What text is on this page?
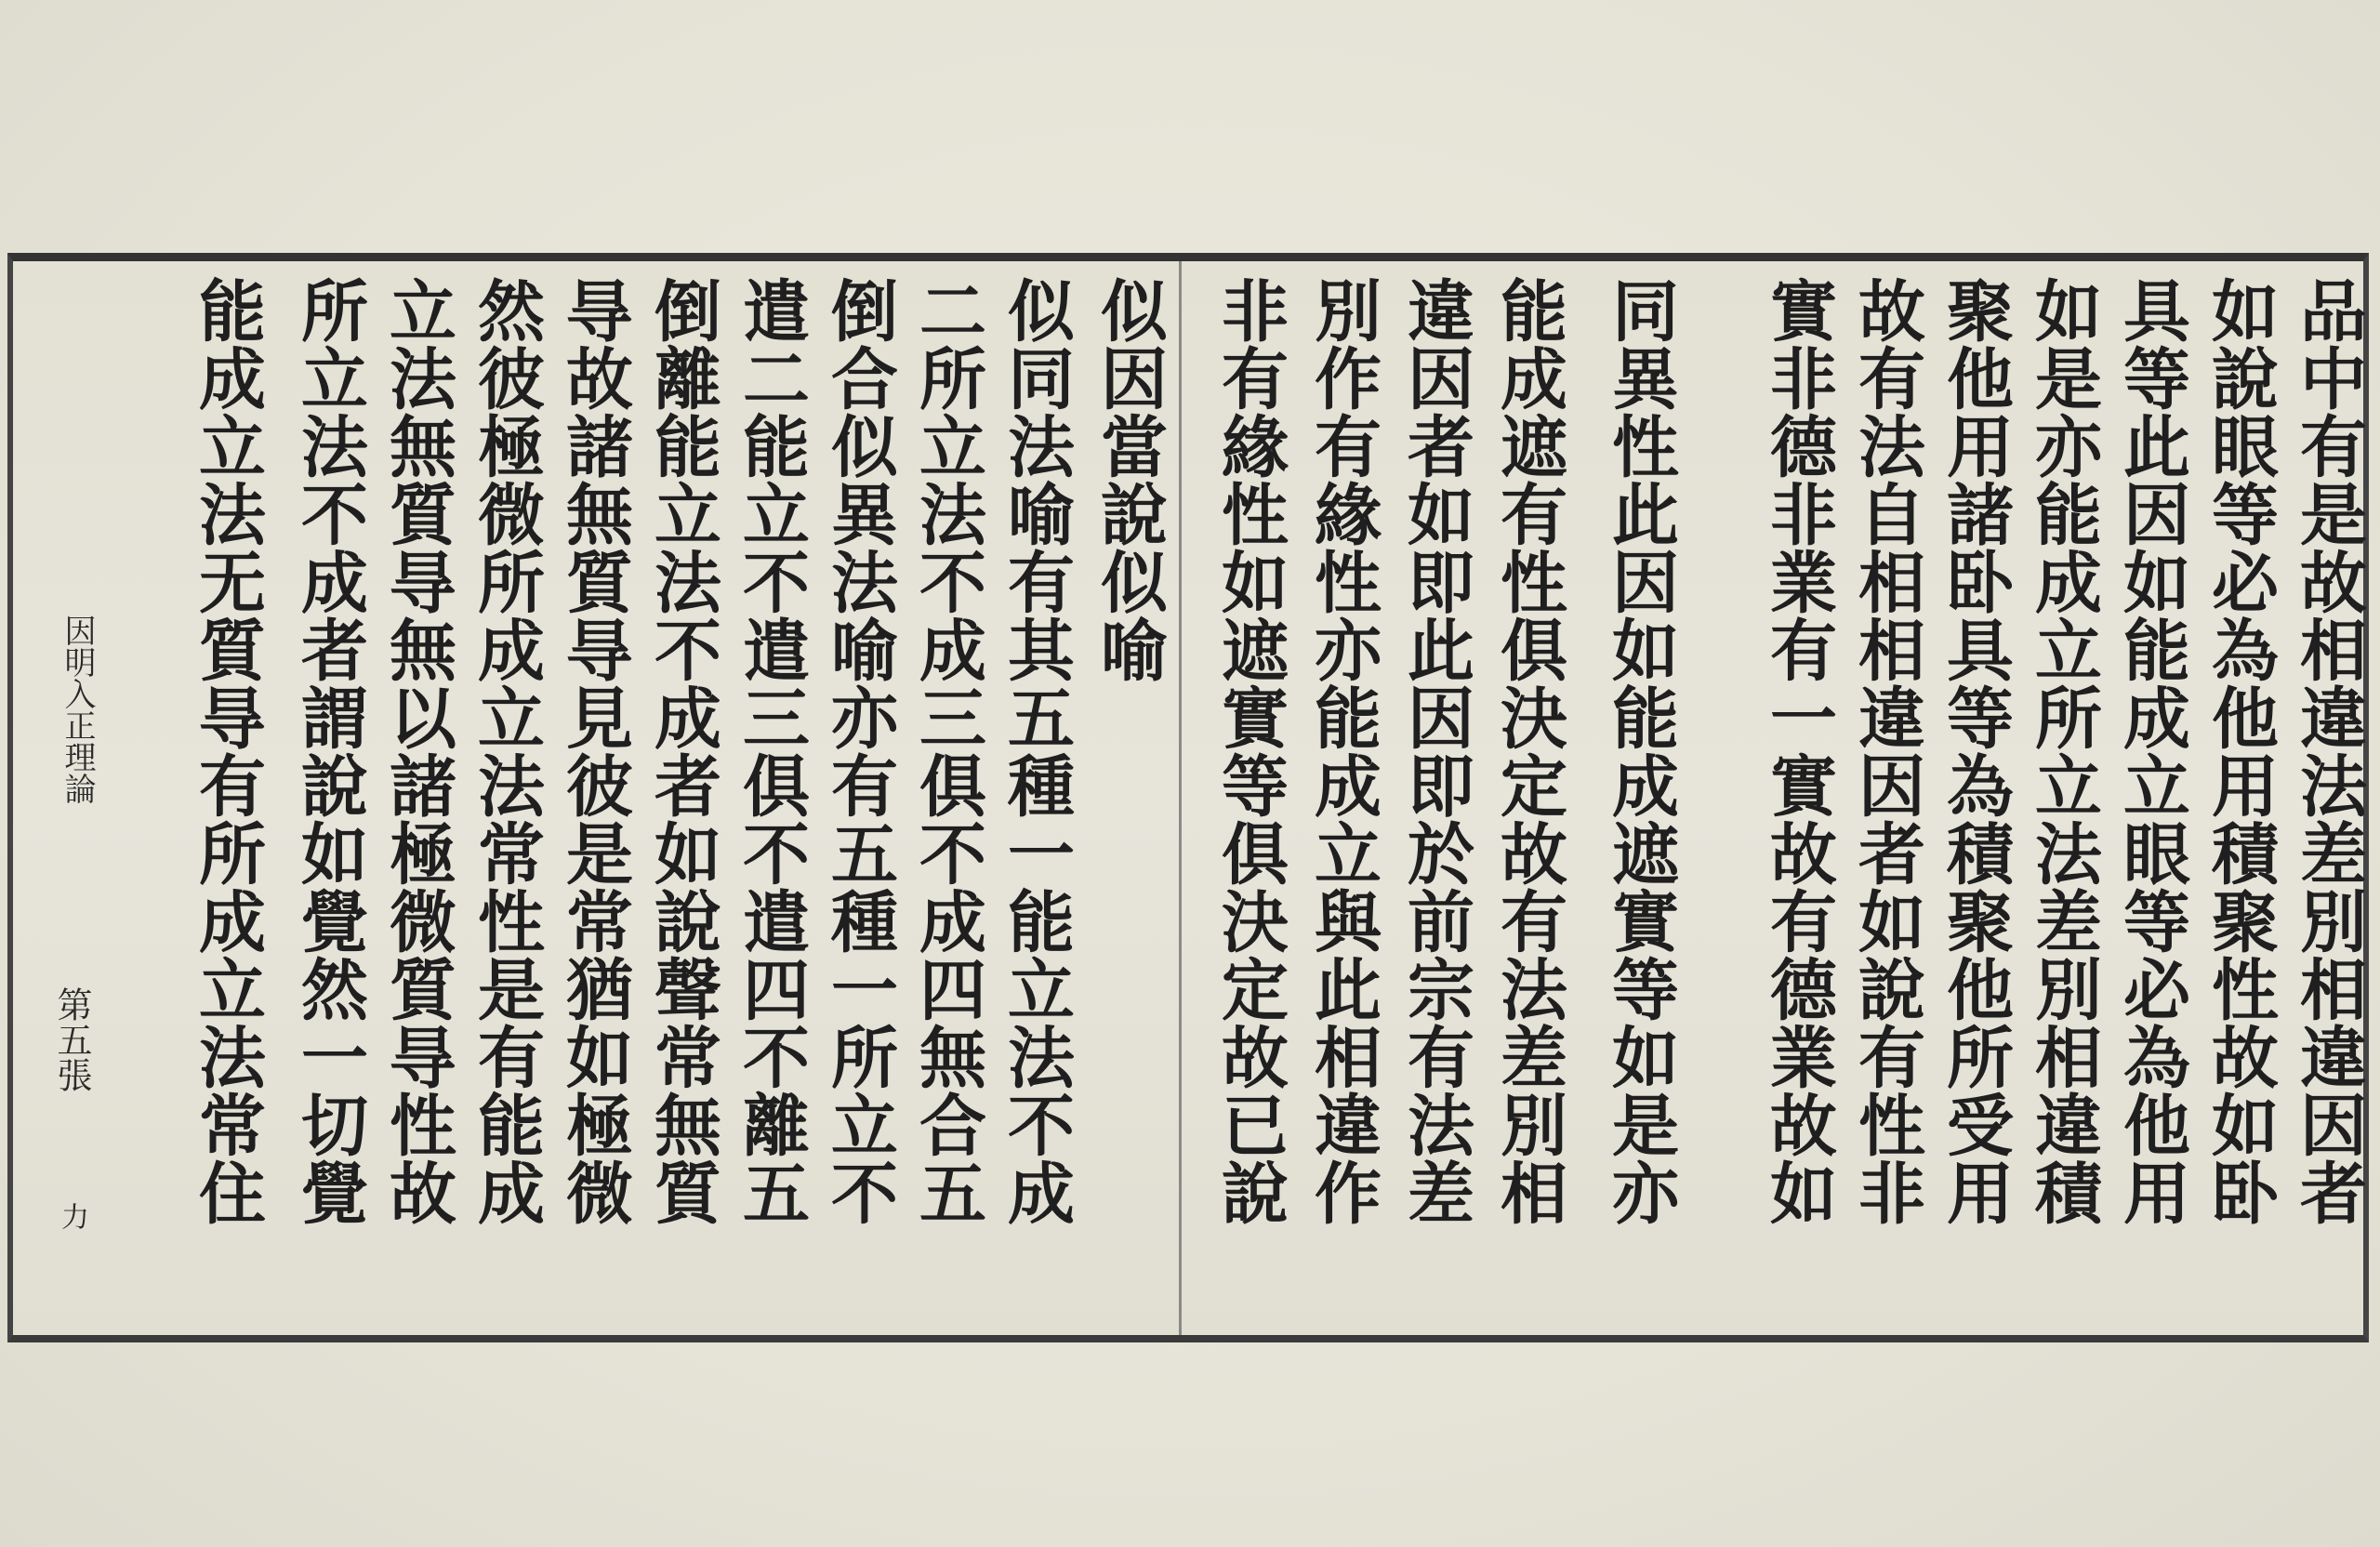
品中有是故相違法差別相違因者
如說眼等必為他用積聚性故如卧
具等此因如能成立眼等必為他用
如是亦能成立所立法差別相違積
聚他用諸卧具等為積聚他所受用
故有法自相相違因者如說有性非
實非德非業有一實故有德業故如
同異性此因如能成遮實等如是亦
能成遮有性俱決定故有法差別相
違因者如即此因即於前宗有法差
別作有緣性亦能成立與此相違作
非有緣性如遮實等俱決定故已說
似因當說似喻
似同法喻有其五種一能立法不成
二所立法不成三俱不成四無合五
倒合似異法喻亦有五種一所立不
遣二能立不遣三俱不遣四不離五
倒離能立法不成者如說聲常無質
㝵故諸無質㝵見彼是常猶如極微
然彼極微所成立法常性是有能成
立法無質㝵無以諸極微質㝵性故
所立法不成者謂說如覺然一切覺
能成立法无質㝵有所成立法常住
因明入正理論
第五張
力
